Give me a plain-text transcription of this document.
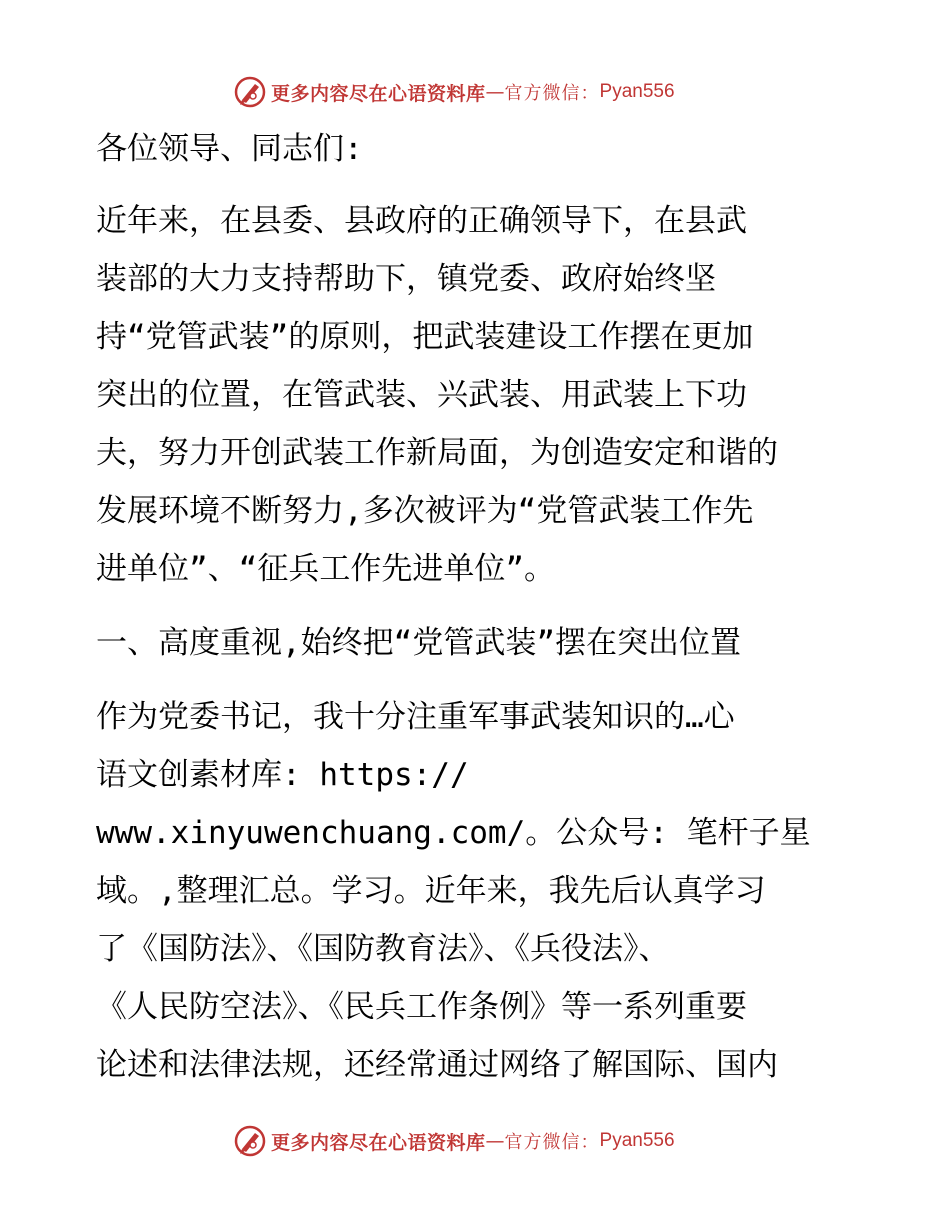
更多内容尽在心语资料库 — 官方微信： Pyan556
各位领导、同志们:
近年来，在县委、县政府的正确领导下，在县武
装部的大力支持帮助下，镇党委、政府始终坚
持“党管武装”的原则，把武装建设工作摆在更加
突出的位置，在管武装、兴武装、用武装上下功
夫，努力开创武装工作新局面，为创造安定和谐的
发展环境不断努力,多次被评为“党管武装工作先
进单位”、“征兵工作先进单位”。
一、高度重视,始终把“党管武装”摆在突出位置
作为党委书记，我十分注重军事武装知识的…心
语文创素材库: https://
www.xinyuwenchuang.com/。公众号: 笔杆子星
域。,整理汇总。学习。近年来，我先后认真学习
了《国防法》、《国防教育法》、《兵役法》、
《人民防空法》、《民兵工作条例》等一系列重要
论述和法律法规，还经常通过网络了解国际、国内
更多内容尽在心语资料库 — 官方微信： Pyan556
